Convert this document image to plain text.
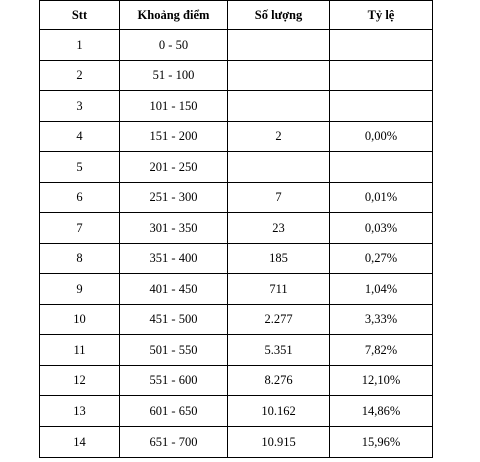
Stt	Khoảng điểm	Số lượng	Tỷ lệ
1	0 - 50		
2	51 - 100		
3	101 - 150		
4	151 - 200	2	0,00%
5	201 - 250		
6	251 - 300	7	0,01%
7	301 - 350	23	0,03%
8	351 - 400	185	0,27%
9	401 - 450	711	1,04%
10	451 - 500	2.277	3,33%
11	501 - 550	5.351	7,82%
12	551 - 600	8.276	12,10%
13	601 - 650	10.162	14,86%
14	651 - 700	10.915	15,96%
